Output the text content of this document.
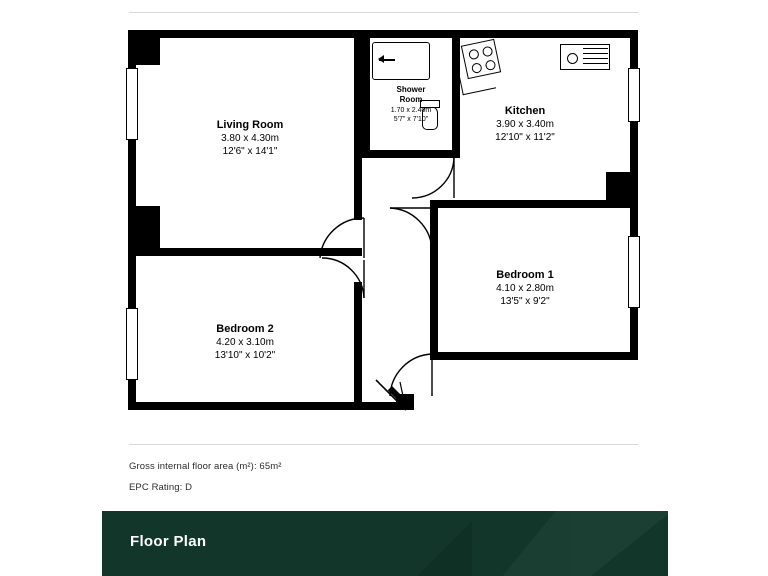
Living Room
3.80 x 4.30m
12'6" x 14'1"
Shower
Room
1.70 x 2.40m
5'7" x 7'10"
Kitchen
3.90 x 3.40m
12'10" x 11'2"
Bedroom 1
4.10 x 2.80m
13'5" x 9'2"
Bedroom 2
4.20 x 3.10m
13'10" x 10'2"
Gross internal floor area (m²): 65m²
EPC Rating: D
Floor Plan
